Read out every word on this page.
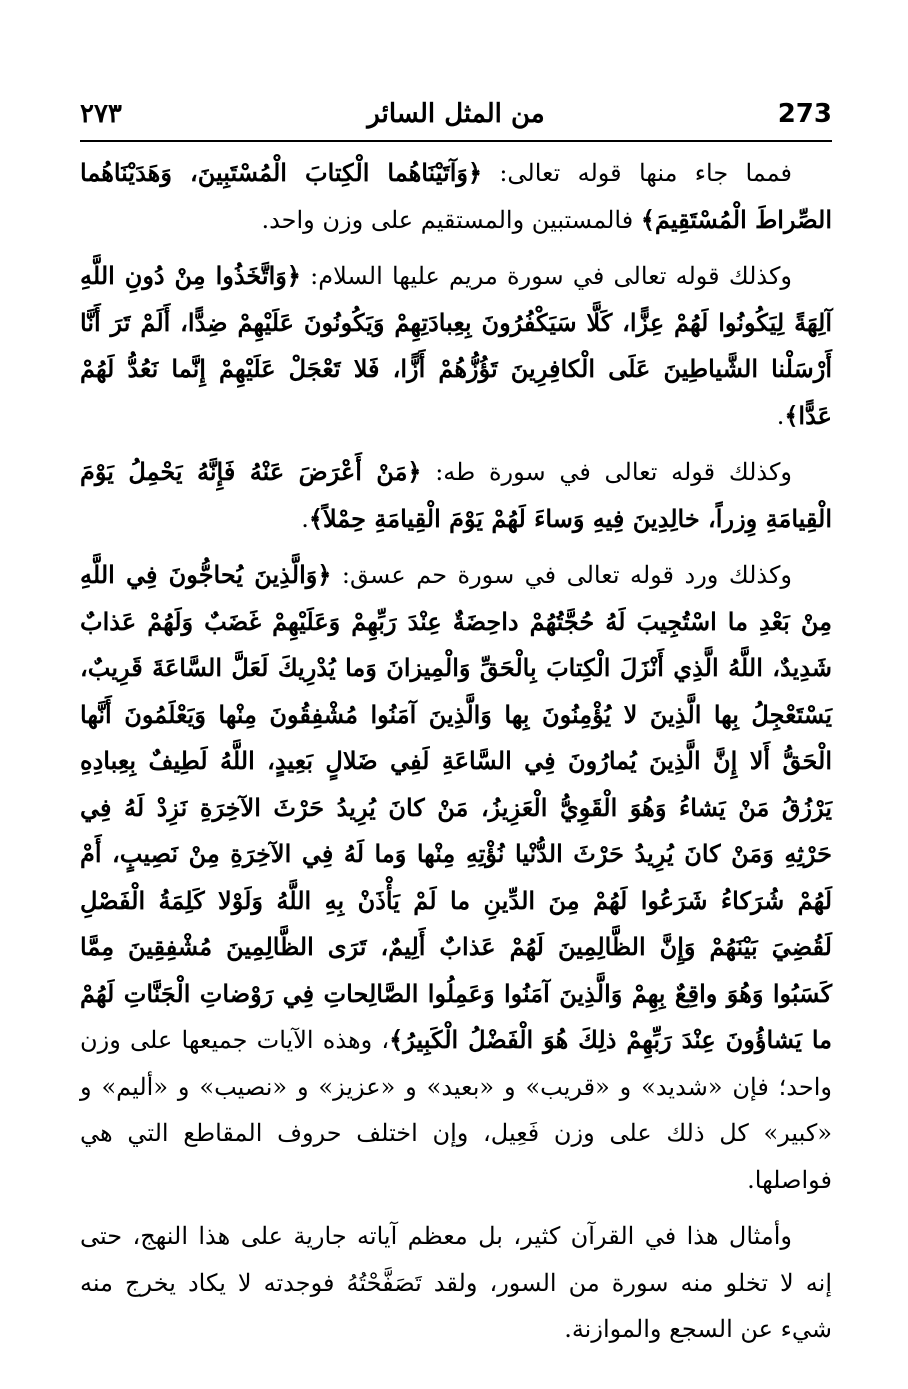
273
من المثل السائر
٢٧٣

فمما جاء منها قوله تعالى: ﴿وَآتَيْنَاهُما الْكِتابَ الْمُسْتَبِينَ، وَهَدَيْنَاهُما الصِّراطَ الْمُسْتَقِيمَ﴾ فالمستبين والمستقيم على وزن واحد.

وكذلك قوله تعالى في سورة مريم عليها السلام: ﴿وَاتَّخَذُوا مِنْ دُونِ اللَّهِ آلِهَةً لِيَكُونُوا لَهُمْ عِزًّا، كَلَّا سَيَكْفُرُونَ بِعِبادَتِهِمْ وَيَكُونُونَ عَلَيْهِمْ ضِدًّا، أَلَمْ تَرَ أَنَّا أَرْسَلْنا الشَّياطِينَ عَلَى الْكافِرِينَ تَؤُزُّهُمْ أَزًّا، فَلا تَعْجَلْ عَلَيْهِمْ إِنَّما نَعُدُّ لَهُمْ عَدًّا﴾.

وكذلك قوله تعالى في سورة طه: ﴿مَنْ أَعْرَضَ عَنْهُ فَإِنَّهُ يَحْمِلُ يَوْمَ الْقِيامَةِ وِزراً، خالِدِينَ فِيهِ وَساءَ لَهُمْ يَوْمَ الْقِيامَةِ حِمْلاً﴾.

وكذلك ورد قوله تعالى في سورة حم عسق: ﴿وَالَّذِينَ يُحاجُّونَ فِي اللَّهِ مِنْ بَعْدِ ما اسْتُجِيبَ لَهُ حُجَّتُهُمْ داحِضَةٌ عِنْدَ رَبِّهِمْ وَعَلَيْهِمْ غَضَبٌ وَلَهُمْ عَذابٌ شَدِيدٌ، اللَّهُ الَّذِي أَنْزَلَ الْكِتابَ بِالْحَقِّ وَالْمِيزانَ وَما يُدْرِيكَ لَعَلَّ السَّاعَةَ قَرِيبٌ، يَسْتَعْجِلُ بِها الَّذِينَ لا يُؤْمِنُونَ بِها وَالَّذِينَ آمَنُوا مُشْفِقُونَ مِنْها وَيَعْلَمُونَ أَنَّها الْحَقُّ أَلا إِنَّ الَّذِينَ يُمارُونَ فِي السَّاعَةِ لَفِي ضَلالٍ بَعِيدٍ، اللَّهُ لَطِيفٌ بِعِبادِهِ يَرْزُقُ مَنْ يَشاءُ وَهُوَ الْقَوِيُّ الْعَزِيزُ، مَنْ كانَ يُرِيدُ حَرْثَ الآخِرَةِ نَزِدْ لَهُ فِي حَرْثِهِ وَمَنْ كانَ يُرِيدُ حَرْثَ الدُّنْيا نُؤْتِهِ مِنْها وَما لَهُ فِي الآخِرَةِ مِنْ نَصِيبٍ، أَمْ لَهُمْ شُرَكاءُ شَرَعُوا لَهُمْ مِنَ الدِّينِ ما لَمْ يَأْذَنْ بِهِ اللَّهُ وَلَوْلا كَلِمَةُ الْفَصْلِ لَقُضِيَ بَيْنَهُمْ وَإِنَّ الظَّالِمِينَ لَهُمْ عَذابٌ أَلِيمٌ، تَرَى الظَّالِمِينَ مُشْفِقِينَ مِمَّا كَسَبُوا وَهُوَ واقِعٌ بِهِمْ وَالَّذِينَ آمَنُوا وَعَمِلُوا الصَّالِحاتِ فِي رَوْضاتِ الْجَنَّاتِ لَهُمْ ما يَشاؤُونَ عِنْدَ رَبِّهِمْ ذلِكَ هُوَ الْفَضْلُ الْكَبِيرُ﴾، وهذه الآيات جميعها على وزن واحد؛ فإن «شديد» و «قريب» و «بعيد» و «عزيز» و «نصيب» و «أليم» و «كبير» كل ذلك على وزن فَعِيل، وإن اختلف حروف المقاطع التي هي فواصلها.

وأمثال هذا في القرآن كثير، بل معظم آياته جارية على هذا النهج، حتى إنه لا تخلو منه سورة من السور، ولقد تَصَفَّحْتُهُ فوجدته لا يكاد يخرج منه شيء عن السجع والموازنة.
